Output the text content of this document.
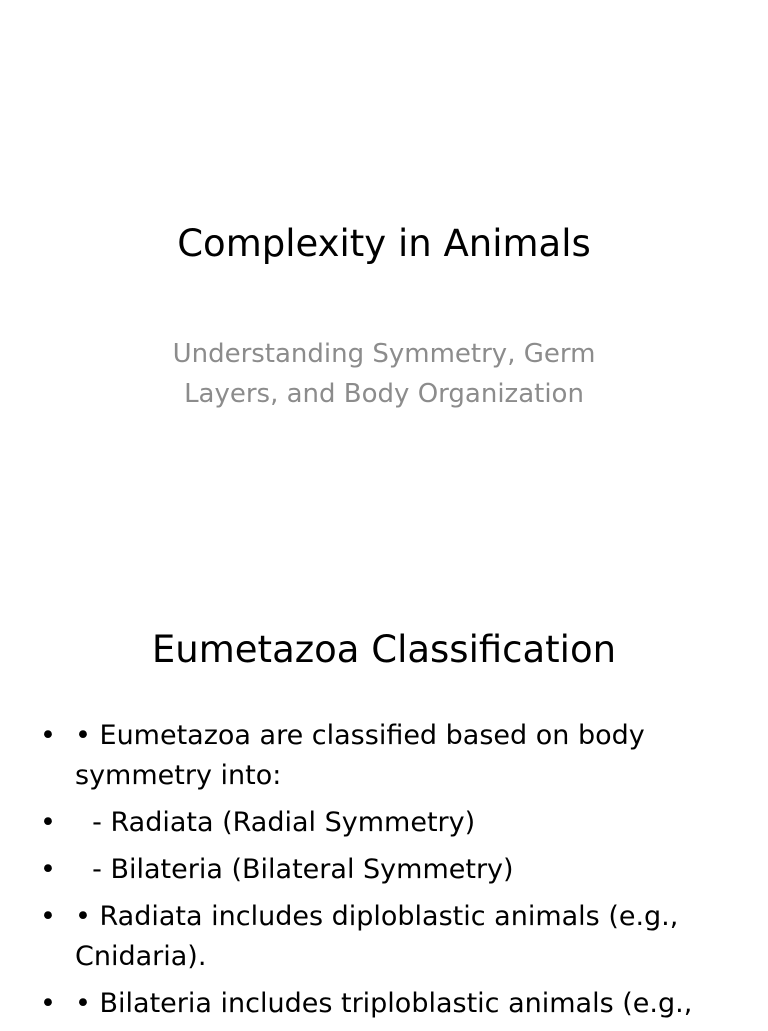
Complexity in Animals

Understanding Symmetry, Germ Layers, and Body Organization

Eumetazoa Classification
• • Eumetazoa are classified based on body symmetry into:
• - Radiata (Radial Symmetry)
• - Bilateria (Bilateral Symmetry)
• • Radiata includes diploblastic animals (e.g., Cnidaria).
• • Bilateria includes triploblastic animals (e.g.,
